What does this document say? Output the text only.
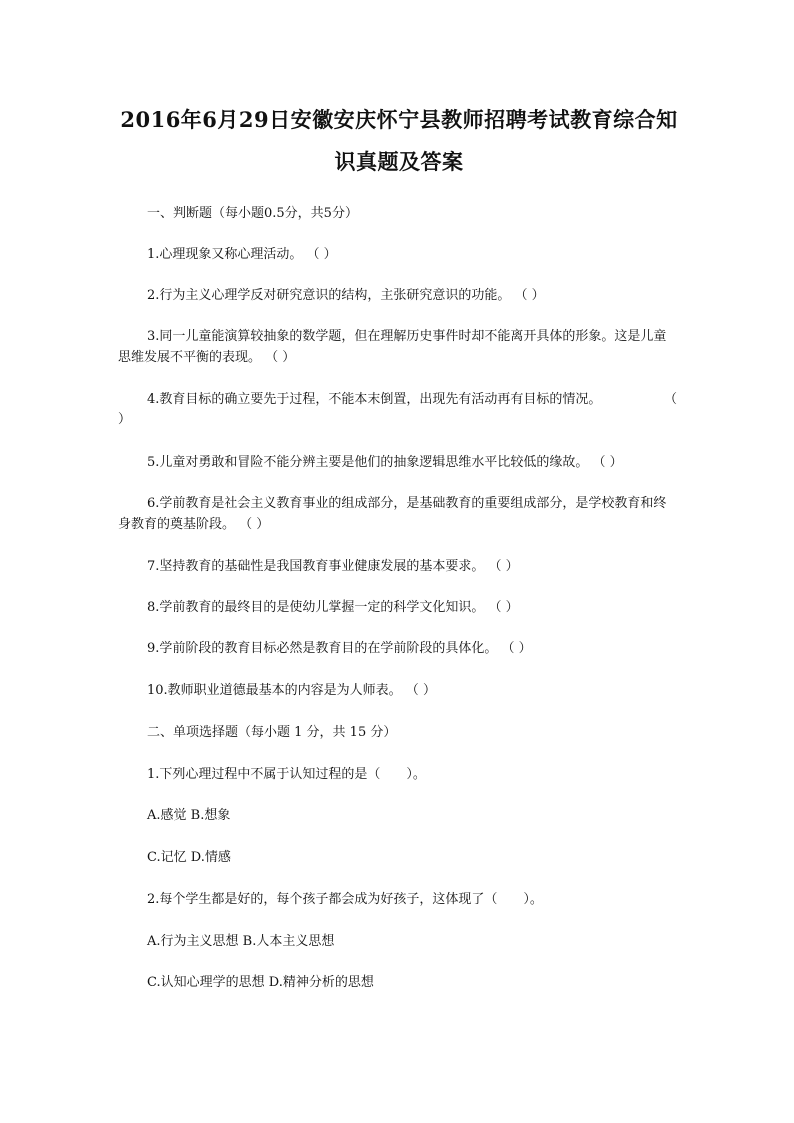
2016年6月29日安徽安庆怀宁县教师招聘考试教育综合知
识真题及答案
一、判断题（每小题0.5分，共5分）
1.心理现象又称心理活动。 （ ）
2.行为主义心理学反对研究意识的结构，主张研究意识的功能。 （ ）
3.同一儿童能演算较抽象的数学题，但在理解历史事件时却不能离开具体的形象。这是儿童思维发展不平衡的表现。 （ ）
4.教育目标的确立要先于过程，不能本末倒置，出现先有活动再有目标的情况。	（
）
5.儿童对勇敢和冒险不能分辨主要是他们的抽象逻辑思维水平比较低的缘故。 （ ）
6.学前教育是社会主义教育事业的组成部分，是基础教育的重要组成部分，是学校教育和终身教育的奠基阶段。 （ ）
7.坚持教育的基础性是我国教育事业健康发展的基本要求。 （ ）
8.学前教育的最终目的是使幼儿掌握一定的科学文化知识。 （ ）
9.学前阶段的教育目标必然是教育目的在学前阶段的具体化。 （ ）
10.教师职业道德最基本的内容是为人师表。 （ ）
二、单项选择题（每小题 1 分，共 15 分）
1.下列心理过程中不属于认知过程的是（　　）。
A.感觉 B.想象
C.记忆 D.情感
2.每个学生都是好的，每个孩子都会成为好孩子，这体现了（　　）。
A.行为主义思想 B.人本主义思想
C.认知心理学的思想 D.精神分析的思想
